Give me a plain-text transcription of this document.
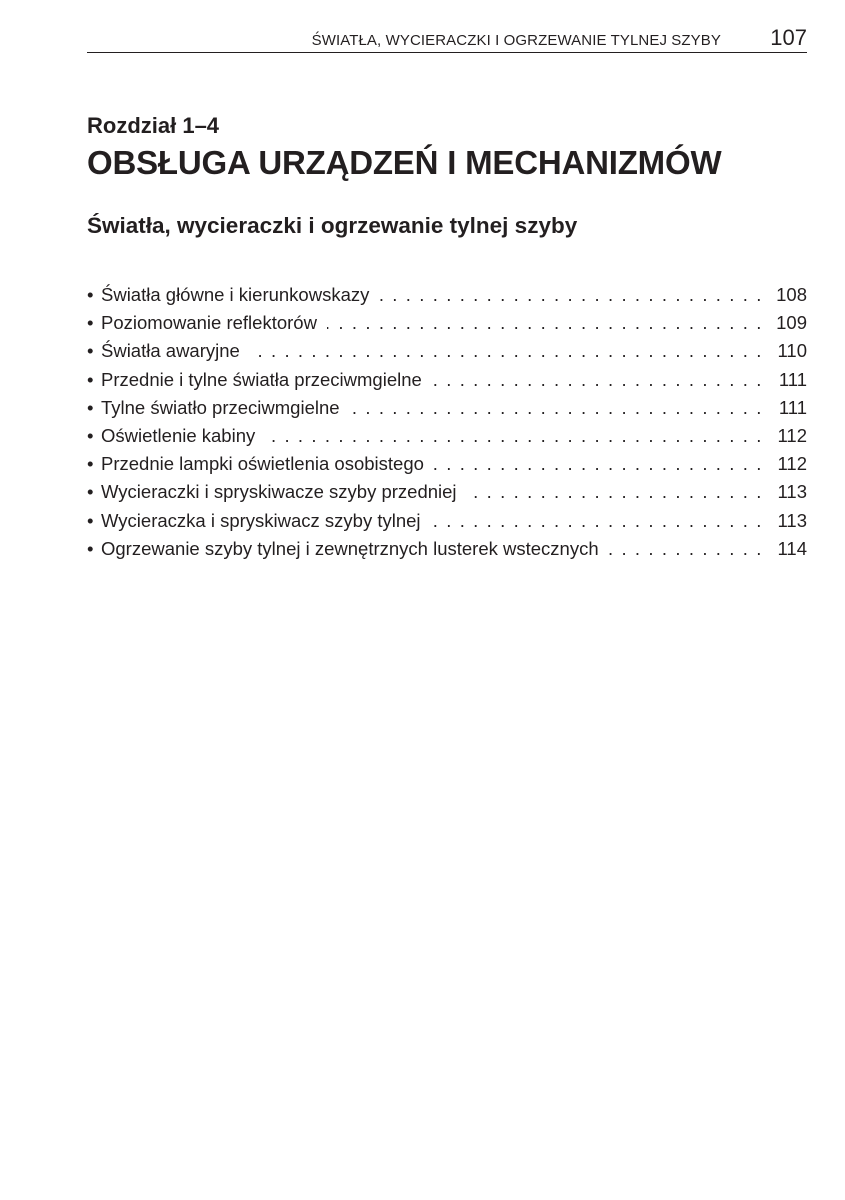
ŚWIATŁA, WYCIERACZKI I OGRZEWANIE TYLNEJ SZYBY 107
Rozdział 1–4
OBSŁUGA URZĄDZEŃ I MECHANIZMÓW
Światła, wycieraczki i ogrzewanie tylnej szyby
. . . • Światła główne i kierunkowskazy	108
. . . • Poziomowanie reflektorów	109
. . . • Światła awaryjne	110
. . . • Przednie i tylne światła przeciwmgielne	111
. . . • Tylne światło przeciwmgielne	111
. . . • Oświetlenie kabiny	112
. . . • Przednie lampki oświetlenia osobistego	112
. . . • Wycieraczki i spryskiwacze szyby przedniej	113
. . . • Wycieraczka i spryskiwacz szyby tylnej	113
. . . • Ogrzewanie szyby tylnej i zewnętrznych lusterek wstecznych	114
